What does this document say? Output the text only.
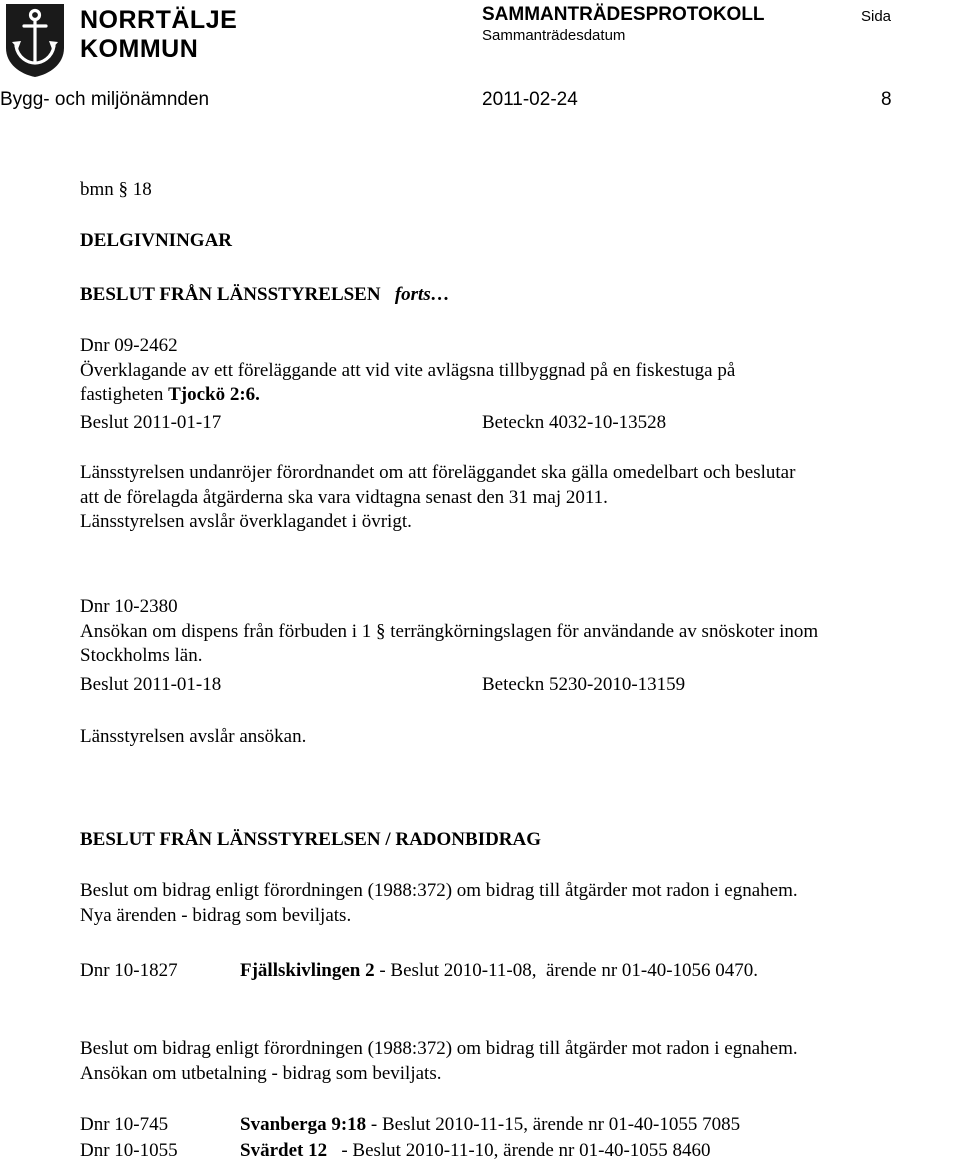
NORRTÄLJE
KOMMUN
SAMMANTRÄDESPROTOKOLL	Sida
Sammanträdesdatum
Bygg- och miljönämnden	2011-02-24	8
bmn § 18
DELGIVNINGAR
BESLUT FRÅN LÄNSSTYRELSEN forts…
Dnr 09-2462
Överklagande av ett föreläggande att vid vite avlägsna tillbyggnad på en fiskestuga på
fastigheten Tjockö 2:6.
Beslut 2011-01-17	Beteckn 4032-10-13528
Länsstyrelsen undanröjer förordnandet om att föreläggandet ska gälla omedelbart och beslutar
att de förelagda åtgärderna ska vara vidtagna senast den 31 maj 2011.
Länsstyrelsen avslår överklagandet i övrigt.
Dnr 10-2380
Ansökan om dispens från förbuden i 1 § terrängkörningslagen för användande av snöskoter inom
Stockholms län.
Beslut 2011-01-18	Beteckn 5230-2010-13159
Länsstyrelsen avslår ansökan.
BESLUT FRÅN LÄNSSTYRELSEN / RADONBIDRAG
Beslut om bidrag enligt förordningen (1988:372) om bidrag till åtgärder mot radon i egnahem.
Nya ärenden - bidrag som beviljats.
Dnr 10-1827	Fjällskivlingen 2 - Beslut 2010-11-08,  ärende nr 01-40-1056 0470.
Beslut om bidrag enligt förordningen (1988:372) om bidrag till åtgärder mot radon i egnahem.
Ansökan om utbetalning - bidrag som beviljats.
Dnr 10-745	Svanberga 9:18 - Beslut 2010-11-15, ärende nr 01-40-1055 7085
Dnr 10-1055	Svärdet 12   - Beslut 2010-11-10, ärende nr 01-40-1055 8460
